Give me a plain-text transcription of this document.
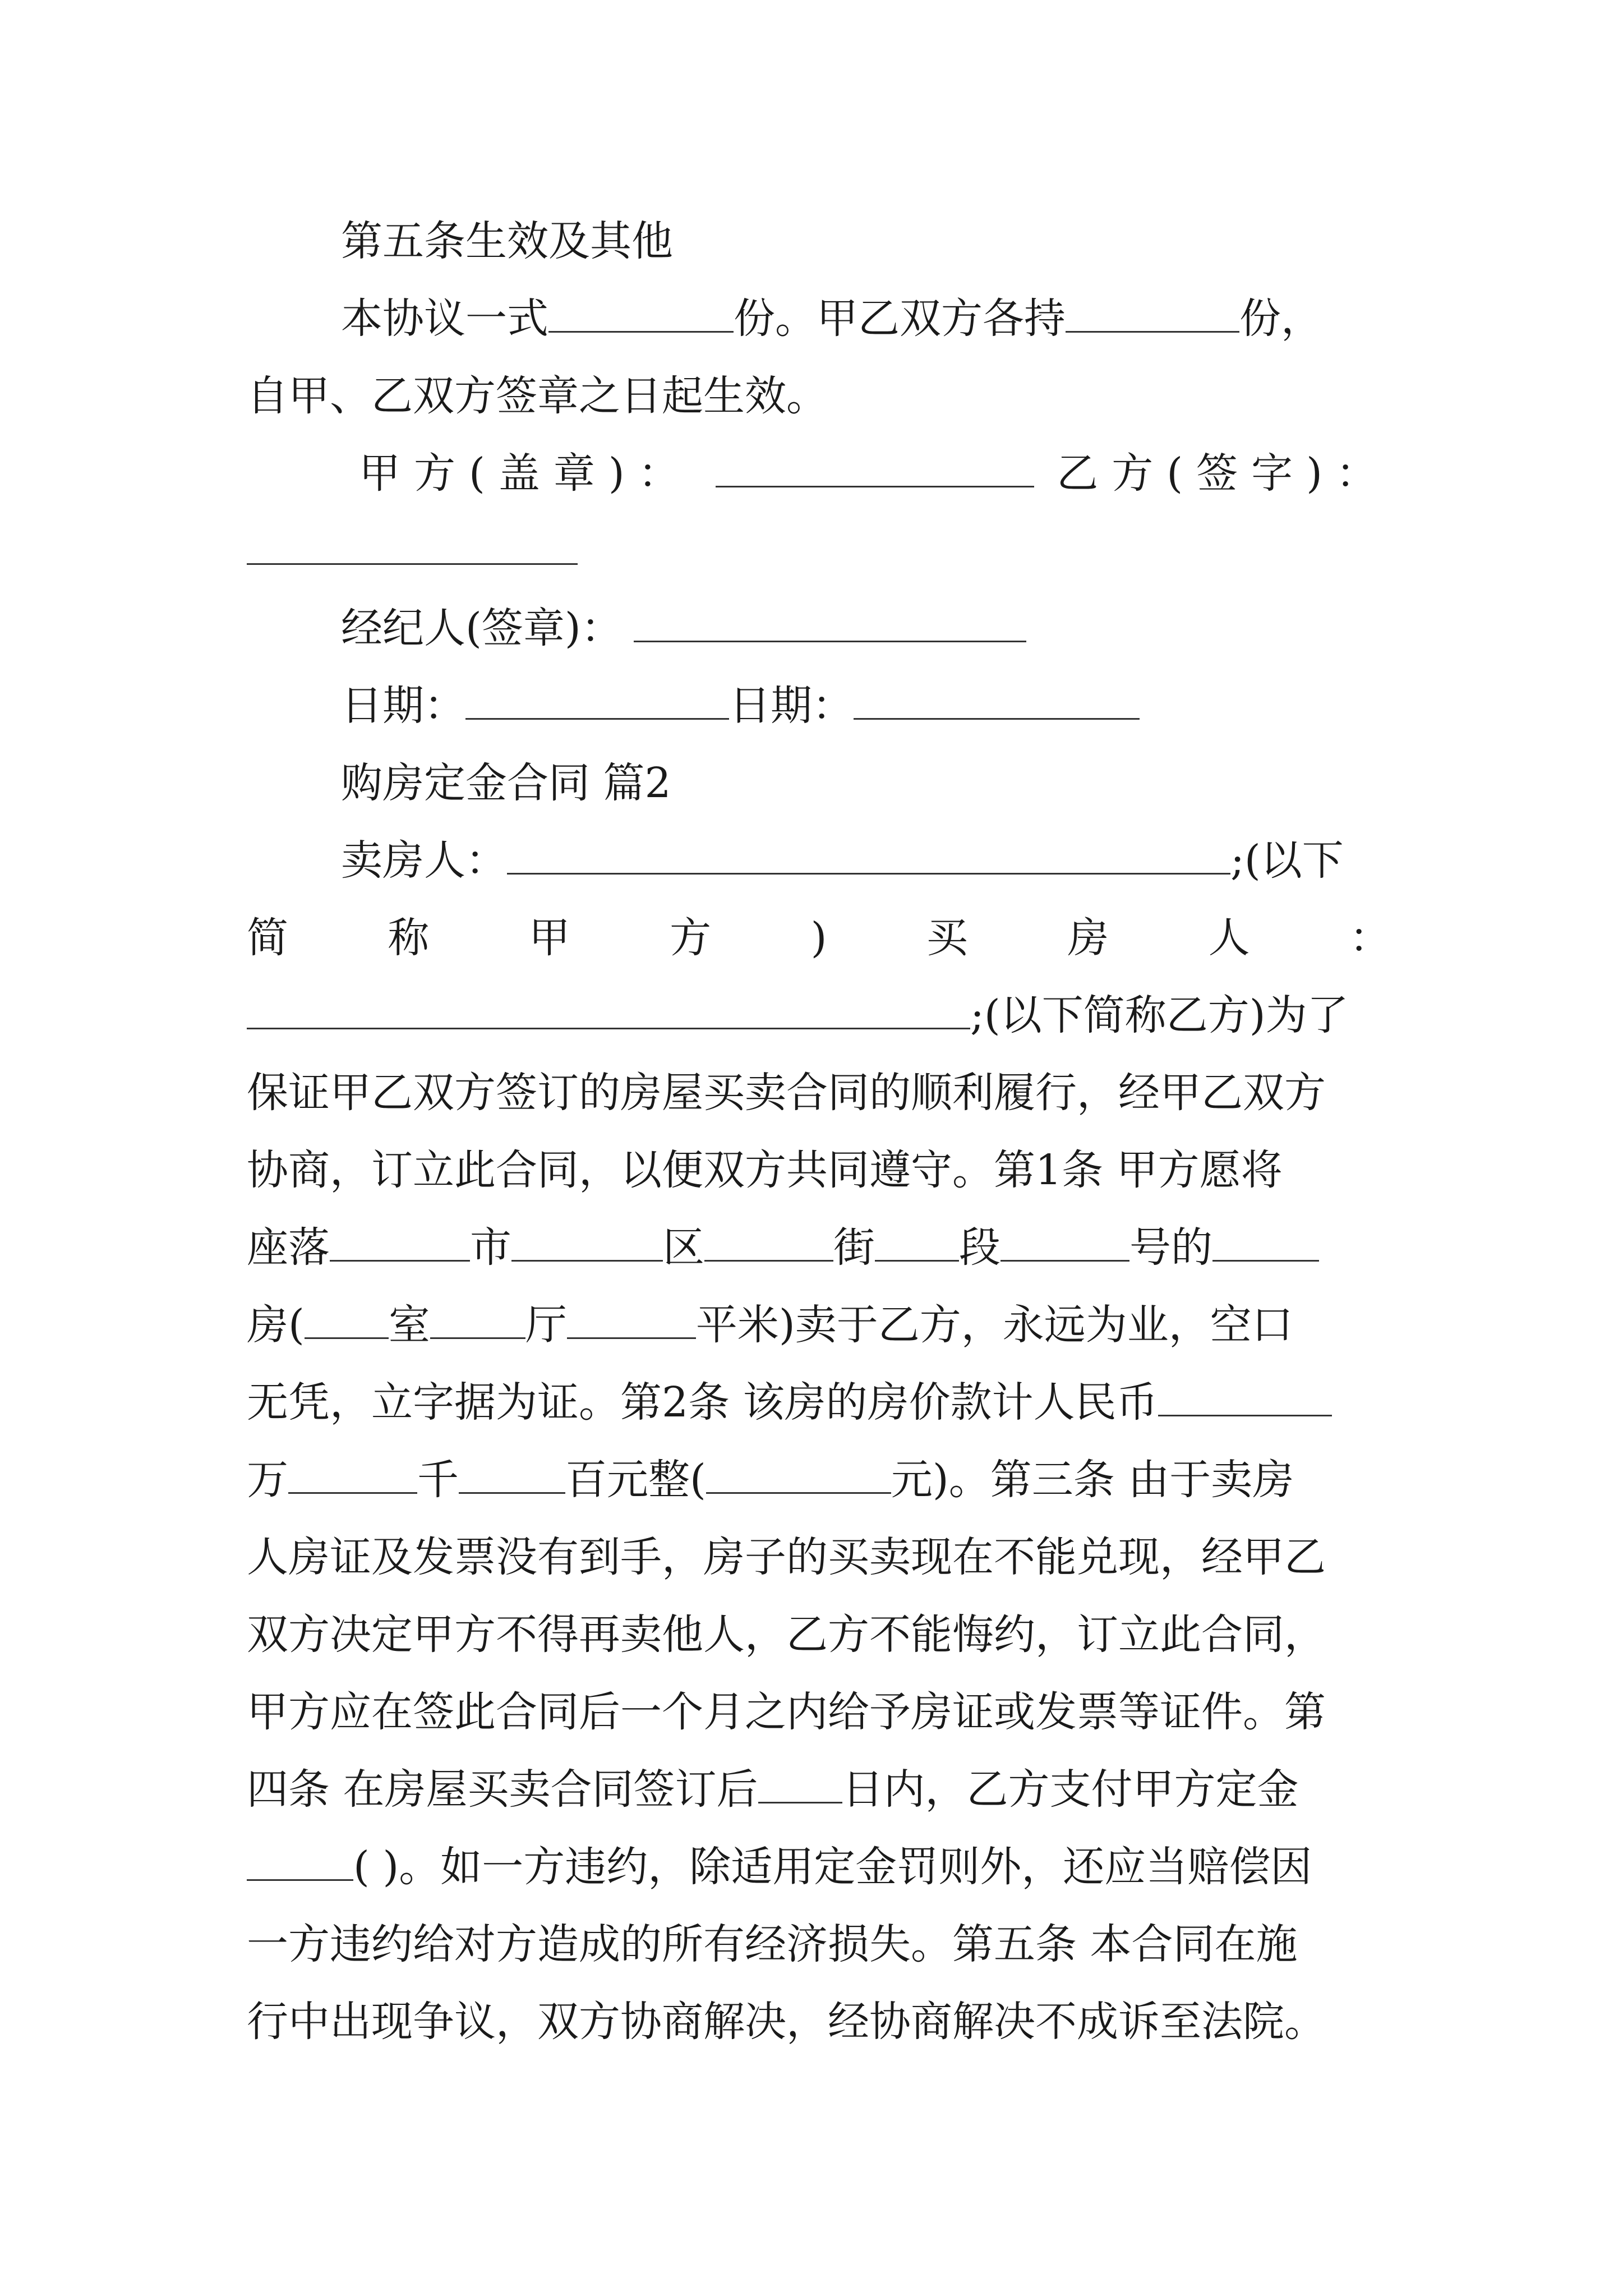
第五条生效及其他
本协议一式	份。甲乙双方各持	份，
自甲、乙双方签章之日起生效。
甲方(盖章)：	乙方(签字)：
经纪人(签章)：
日期：	日期：
购房定金合同 篇2
卖房人：	;(以下
简 称 甲 方 ) 买 房 人 ：
;(以下简称乙方)为了
保证甲乙双方签订的房屋买卖合同的顺利履行，经甲乙双方
协商，订立此合同，以便双方共同遵守。第1条 甲方愿将
座落	市	区	街 段	号的
房( 室 厅	平米)卖于乙方，永远为业，空口
无凭，立字据为证。第2条 该房的房价款计人民币
万	千	百元整(	元)。第三条 由于卖房
人房证及发票没有到手，房子的买卖现在不能兑现，经甲乙
双方决定甲方不得再卖他人，乙方不能悔约，订立此合同，
甲方应在签此合同后一个月之内给予房证或发票等证件。第
四条 在房屋买卖合同签订后 日内，乙方支付甲方定金
( )。如一方违约，除适用定金罚则外，还应当赔偿因
一方违约给对方造成的所有经济损失。第五条 本合同在施
行中出现争议，双方协商解决，经协商解决不成诉至法院。
